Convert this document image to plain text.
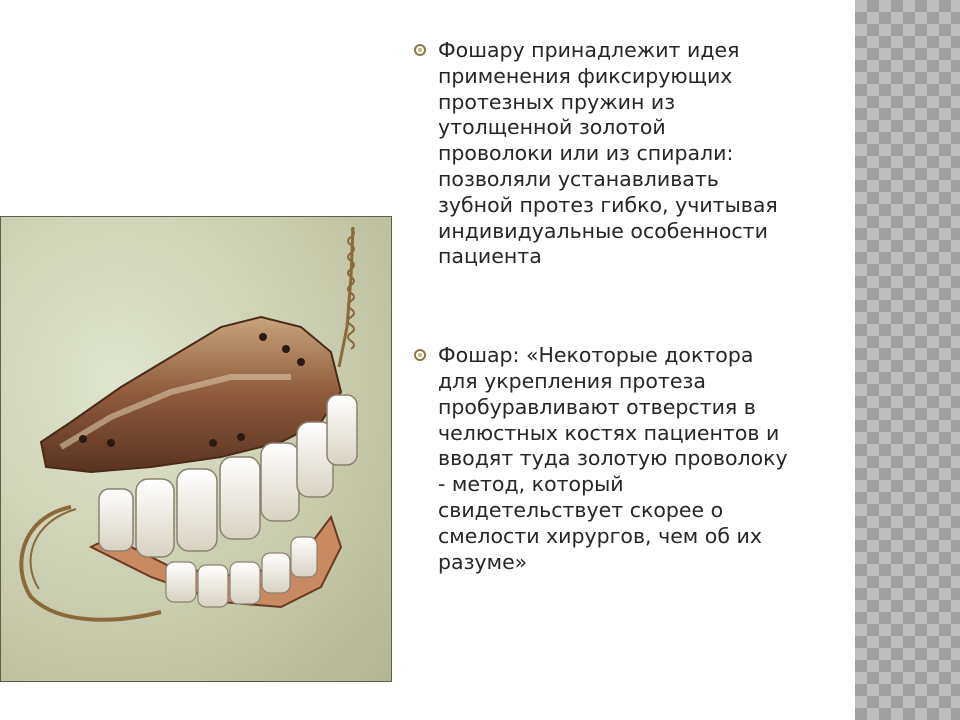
Фошару принадлежит идея
применения фиксирующих
протезных пружин из
утолщенной золотой
проволоки или из спирали:
позволяли устанавливать
зубной протез гибко, учитывая
индивидуальные особенности
пациента

Фошар: «Некоторые доктора
для укрепления протеза
пробуравливают отверстия в
челюстных костях пациентов и
вводят туда золотую проволоку
- метод, который
свидетельствует скорее о
смелости хирургов, чем об их
разуме»
